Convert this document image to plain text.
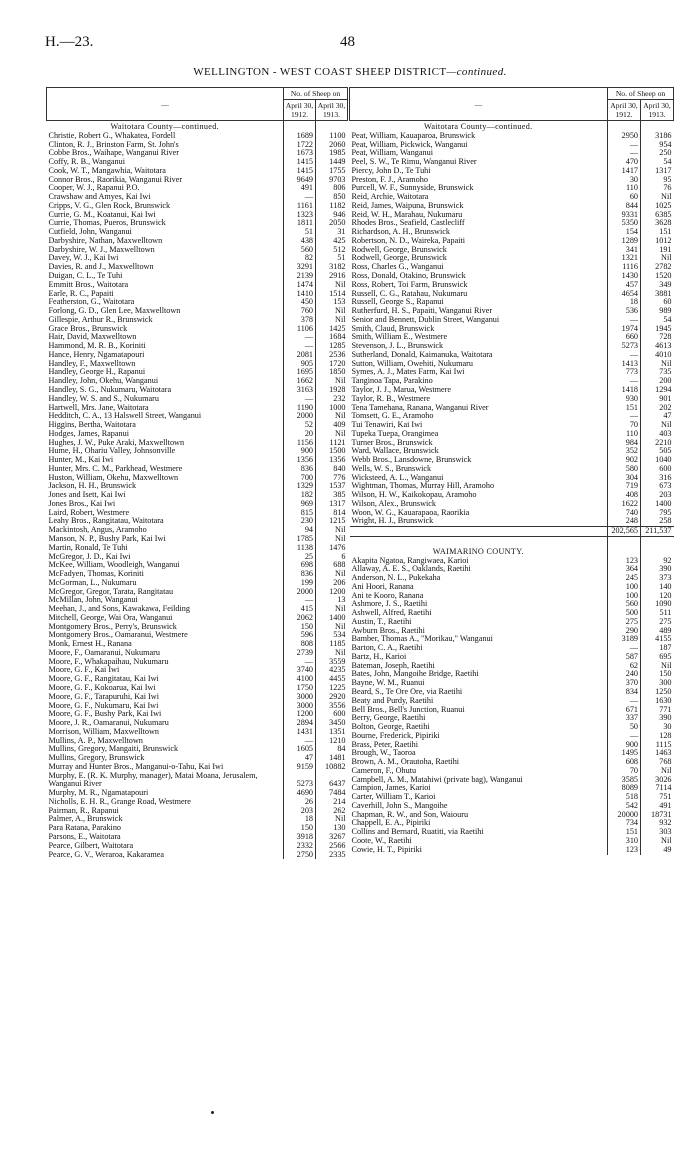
H.—23.	48
WELLINGTON - WEST COAST SHEEP DISTRICT—continued.
—	No. of Sheep on	
	April 30, 1912.	April 30, 1913.
Waitotara County—continued.		
Christie, Robert G., Whakatea, Fordell	1689	1100
Clinton, R. J., Brinston Farm, St. John's	1722	2060
Cobbe Bros., Waihape, Wanganui River	1673	1985
Coffy, R. B., Wanganui	1415	1449
Cook, W. T., Mangawhia, Waitotara	1415	1755
Connor Bros., Raorikia, Wanganui River	9649	9703
Cooper, W. J., Rapanui P.O.	491	806
Crawshaw and Amyes, Kai Iwi	—	850
Cripps, V. G., Glen Rock, Brunswick	1161	1182
Currie, G. M., Koatanui, Kai Iwi	1323	946
Currie, Thomas, Pueros, Brunswick	1811	2050
Cutfield, John, Wanganui	51	31
Darbyshire, Nathan, Maxwelltown	438	425
Darbyshire, W. J., Maxwelltown	560	512
Davey, W. J., Kai Iwi	82	51
Davies, R. and J., Maxwelltown	3291	3182
Duigan, C. L., Te Tuhi	2139	2916
Emmitt Bros., Waitotara	1474	Nil
Earle, R. C., Papaiti	1410	1514
Featherston, G., Waitotara	450	153
Forlong, G. D., Glen Lee, Maxwelltown	760	Nil
Gillespie, Arthur R., Brunswick	378	Nil
Grace Bros., Brunswick	1106	1425
Hair, David, Maxwelltown	—	1684
Hammond, M. R. B., Koriniti	—	1285
Hance, Henry, Ngamatapouri	2081	2536
Handley, F., Maxwelltown	905	1720
Handley, George H., Rapanui	1695	1850
Handley, John, Okehu, Wanganui	1662	Nil
Handley, S. G., Nukumaru, Waitotara	3163	1928
Handley, W. S. and S., Nukumaru	—	232
Hartwell, Mrs. Jane, Waitotara	1190	1000
Hedditch, C. A., 13 Halswell Street, Wanganui	2000	Nil
Higgins, Bertha, Waitotara	52	409
Hodges, James, Rapanui	20	Nil
Hughes, J. W., Puke Araki, Maxwelltown	1156	1121
Hume, H., Ohariu Valley, Johnsonville	900	1500
Hunter, M., Kai Iwi	1356	1356
Hunter, Mrs. C. M., Parkhead, Westmere	836	840
Huston, William, Okehu, Maxwelltown	700	776
Jackson, H. H., Brunswick	1329	1537
Jones and Isett, Kai Iwi	182	385
Jones Bros., Kai Iwi	969	1317
Laird, Robert, Westmere	815	814
Leahy Bros., Rangitatau, Waitotara	230	1215
Mackintosh, Angus, Aramoho	94	Nil
Manson, N. P., Bushy Park, Kai Iwi	1785	Nil
Martin, Ronald, Te Tuhi	1138	1476
McGregor, J. D., Kai Iwi	25	6
McKee, William, Woodleigh, Wanganui	698	688
McFadyen, Thomas, Koriniti	836	Nil
McGorman, L., Nukumaru	199	206
McGregor, Gregor, Tarata, Rangitatau	2000	1200
McMillan, John, Wanganui	—	13
Meehan, J., and Sons, Kawakawa, Feilding	415	Nil
Mitchell, George, Wai Ora, Wanganui	2062	1400
Montgomery Bros., Perry's, Brunswick	150	Nil
Montgomery Bros., Oamaranui, Westmere	596	534
Monk, Ernest H., Ranana	808	1185
Moore, F., Oamaranui, Nukumaru	2739	Nil
Moore, F., Whakapaihau, Nukumaru	—	3559
Moore, G. F., Kai Iwi	3740	4235
Moore, G. F., Rangitatau, Kai Iwi	4100	4455
Moore, G. F., Kokoarua, Kai Iwi	1750	1225
Moore, G. F., Tarapuruhi, Kai Iwi	3000	2920
Moore, G. F., Nukumaru, Kai Iwi	3000	3556
Moore, G. F., Bushy Park, Kai Iwi	1200	600
Moore, J. R., Oamaranui, Nukumaru	2894	3450
Morrison, William, Maxwelltown	1431	1351
Mullins, A. P., Maxwelltown	—	1210
Mullins, Gregory, Mangaiti, Brunswick	1605	84
Mullins, Gregory, Brunswick	47	1481
Murray and Hunter Bros., Manganui-o-Tahu, Kai Iwi	9159	10882
Murphy, E. (R. K. Murphy, manager), Matai Moana, Jerusalem, Wanganui River	5273	6437
Murphy, M. R., Ngamatapouri	4690	7484
Nicholls, E. H. R., Grange Road, Westmere	26	214
Pairman, R., Rapanui	203	262
Palmer, A., Brunswick	18	Nil
Para Ratana, Parakino	150	130
Parsons, E., Waitotara	3918	3267
Pearce, Gilbert, Waitotara	2332	2566
Pearce, G. V., Weraroa, Kakaramea	2750	2335
—	No. of Sheep on	
	April 30, 1912.	April 30, 1913.
Waitotara County—continued.		
Peat, William, Kauaparoa, Brunswick	2950	3186
Peat, William, Pickwick, Wanganui	—	954
Peat, William, Wanganui	—	250
Peel, S. W., Te Rimu, Wanganui River	470	54
Piercy, John D., Te Tuhi	1417	1317
Preston, F. J., Aramoho	30	95
Purcell, W. F., Sunnyside, Brunswick	110	76
Reid, Archie, Waitotara	60	Nil
Reid, James, Waipuna, Brunswick	844	1025
Reid, W. H., Marahau, Nukumaru	9331	6385
Rhodes Bros., Seafield, Castlecliff	5350	3628
Richardson, A. H., Brunswick	154	151
Robertson, N. D., Waireka, Papaiti	1289	1012
Rodwell, George, Brunswick	341	191
Rodwell, George, Brunswick	1321	Nil
Ross, Charles G., Wanganui	1116	2782
Ross, Donald, Otakino, Brunswick	1430	1520
Ross, Robert, Toi Farm, Brunswick	457	349
Russell, C. G., Ratahau, Nukumaru	4654	3881
Russell, George S., Rapanui	18	60
Rutherfurd, H. S., Papaiti, Wanganui River	536	989
Senior and Bennett, Dublin Street, Wanganui	—	54
Smith, Claud, Brunswick	1974	1945
Smith, William E., Westmere	660	728
Stevenson, J. L., Brunswick	5273	4613
Sutherland, Donald, Kaimanuka, Waitotara	—	4010
Sutton, William, Owehiti, Nukumaru	1413	Nil
Symes, A. J., Mates Farm, Kai Iwi	773	735
Tanginoa Tapa, Parakino	—	200
Taylor, J. J., Marua, Westmere	1418	1294
Taylor, R. B., Westmere	930	901
Tena Tamehana, Ranana, Wanganui River	151	202
Tomsett, G. E., Aramoho	—	47
Tui Tenawiri, Kai Iwi	70	Nil
Tupeka Tuepa, Orangimea	110	403
Turner Bros., Brunswick	984	2210
Ward, Wallace, Brunswick	352	505
Webb Bros., Lansdowne, Brunswick	902	1040
Wells, W. S., Brunswick	580	600
Wicksteed, A. L., Wanganui	304	316
Wightman, Thomas, Murray Hill, Aramoho	719	673
Wilson, H. W., Kaikokopau, Aramoho	408	203
Wilson, Alex., Brunswick	1622	1400
Woon, W. G., Kauarapaoa, Raorikia	740	795
Wright, H. J., Brunswick	248	258
	202,565	211,537

WAIMARINO COUNTY.		
Akapita Ngatoa, Rangiwaea, Karioi	123	92
Allaway, A. E. S., Oaklands, Raetihi	364	390
Anderson, N. L., Pukekaha	245	373
Ani Hoori, Ranana	100	140
Ani te Kooro, Ranana	100	120
Ashmore, J. S., Raetihi	560	1090
Ashwell, Alfred, Raetihi	500	511
Austin, T., Raetihi	275	275
Awburn Bros., Raetihi	290	489
Bamber, Thomas A., "Morikau," Wanganui	3189	4155
Barton, C. A., Raetihi	—	187
Bartz, H., Karioi	587	695
Bateman, Joseph, Raetihi	62	Nil
Bates, John, Mangoihe Bridge, Raetihi	240	150
Bayne, W. M., Ruanui	370	300
Beard, S., Te Ore Ore, via Raetihi	834	1250
Beaty and Purdy, Raetihi	—	1630
Bell Bros., Bell's Junction, Ruanui	671	771
Berry, George, Raetihi	337	390
Bolton, George, Raetihi	50	30
Bourne, Frederick, Pipiriki	—	128
Brass, Peter, Raetihi	900	1115
Brough, W., Taoroa	1495	1463
Brown, A. M., Orautoha, Raetihi	608	768
Cameron, F., Ohutu	70	Nil
Campbell, A. M., Matahiwi (private bag), Wanganui	3585	3026
Campion, James, Karioi	8089	7114
Carter, William T., Karioi	518	751
Caverhill, John S., Mangoihe	542	491
Chapman, R. W., and Son, Waiouru	20000	18731
Chappell, E. A., Pipiriki	734	932
Collins and Bernard, Ruatiti, via Raetihi	151	303
Coote, W., Raetihi	310	Nil
Cowie, H. T., Pipiriki	123	49
